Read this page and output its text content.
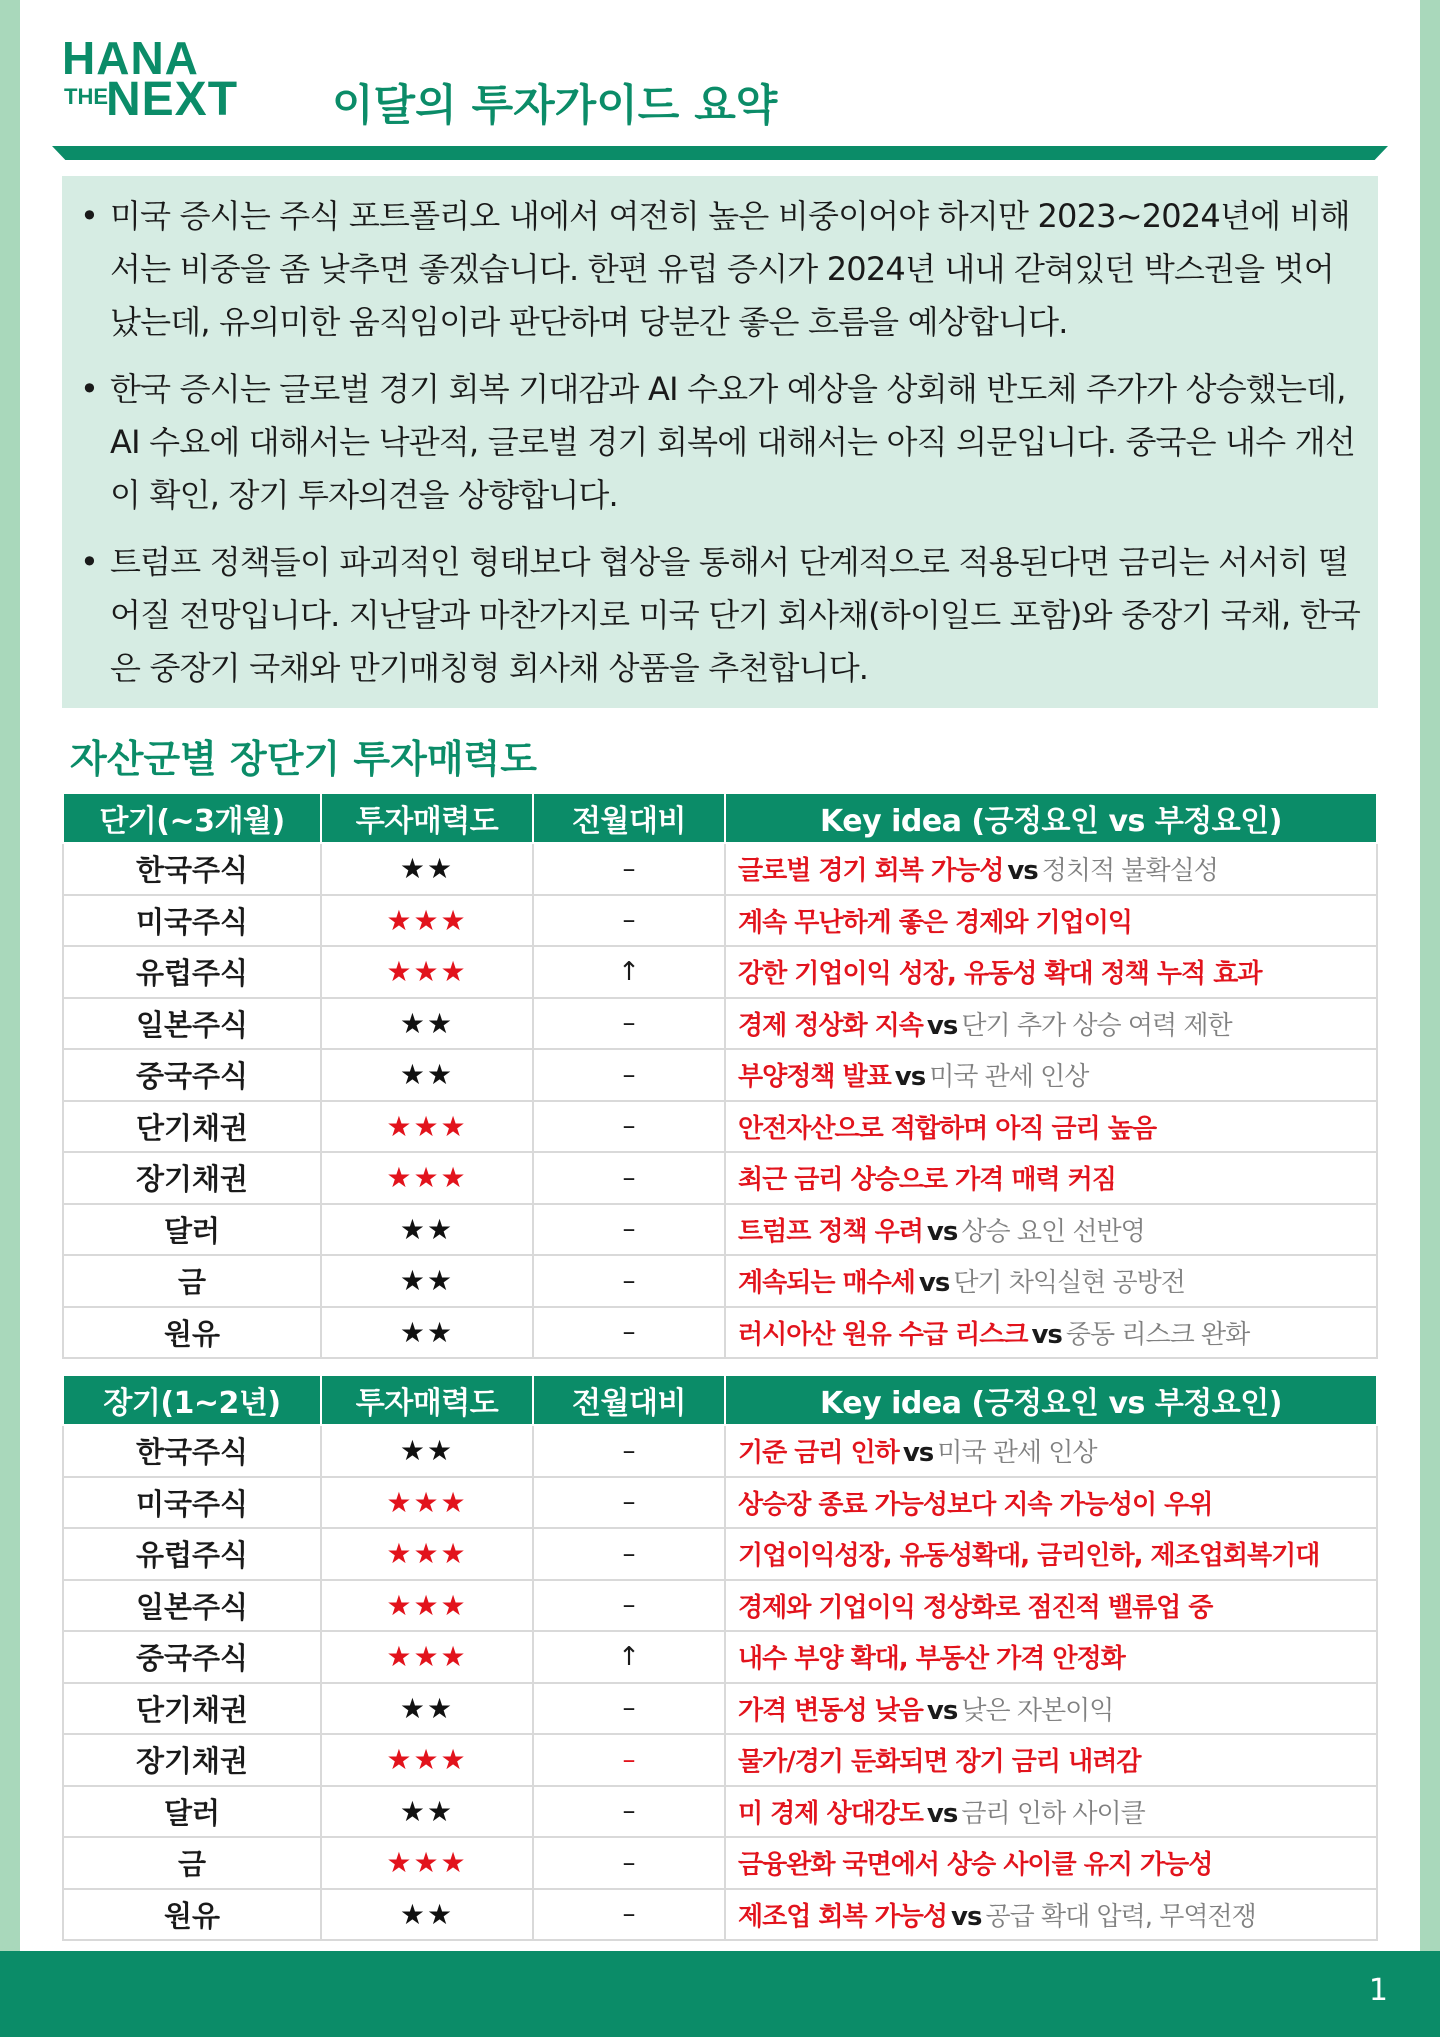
HANA
THE
NEXT 이달의 투자가이드 요약
• 미국 증시는 주식 포트폴리오 내에서 여전히 높은 비중이어야 하지만 2023~2024년에 비해서는 비중을 좀 낮추면 좋겠습니다. 한편 유럽 증시가 2024년 내내 갇혀있던 박스권을 벗어났는데, 유의미한 움직임이라 판단하며 당분간 좋은 흐름을 예상합니다.
• 한국 증시는 글로벌 경기 회복 기대감과 AI 수요가 예상을 상회해 반도체 주가가 상승했는데, AI 수요에 대해서는 낙관적, 글로벌 경기 회복에 대해서는 아직 의문입니다. 중국은 내수 개선이 확인, 장기 투자의견을 상향합니다.
• 트럼프 정책들이 파괴적인 형태보다 협상을 통해서 단계적으로 적용된다면 금리는 서서히 떨어질 전망입니다. 지난달과 마찬가지로 미국 단기 회사채(하이일드 포함)와 중장기 국채, 한국은 중장기 국채와 만기매칭형 회사채 상품을 추천합니다.
자산군별 장단기 투자매력도
단기(~3개월)	투자매력도	전월대비	Key idea (긍정요인 vs 부정요인)
한국주식	★★	–	글로벌 경기 회복 가능성 vs 정치적 불확실성
미국주식	★★★	–	계속 무난하게 좋은 경제와 기업이익
유럽주식	★★★	↑	강한 기업이익 성장, 유동성 확대 정책 누적 효과
일본주식	★★	–	경제 정상화 지속 vs 단기 추가 상승 여력 제한
중국주식	★★	–	부양정책 발표 vs 미국 관세 인상
단기채권	★★★	–	안전자산으로 적합하며 아직 금리 높음
장기채권	★★★	–	최근 금리 상승으로 가격 매력 커짐
달러	★★	–	트럼프 정책 우려 vs 상승 요인 선반영
금	★★	–	계속되는 매수세 vs 단기 차익실현 공방전
원유	★★	–	러시아산 원유 수급 리스크 vs 중동 리스크 완화
장기(1~2년)	투자매력도	전월대비	Key idea (긍정요인 vs 부정요인)
한국주식	★★	–	기준 금리 인하 vs 미국 관세 인상
미국주식	★★★	–	상승장 종료 가능성보다 지속 가능성이 우위
유럽주식	★★★	–	기업이익성장, 유동성확대, 금리인하, 제조업회복기대
일본주식	★★★	–	경제와 기업이익 정상화로 점진적 밸류업 중
중국주식	★★★	↑	내수 부양 확대, 부동산 가격 안정화
단기채권	★★	–	가격 변동성 낮음 vs 낮은 자본이익
장기채권	★★★	–	물가/경기 둔화되면 장기 금리 내려감
달러	★★	–	미 경제 상대강도 vs 금리 인하 사이클
금	★★★	–	금융완화 국면에서 상승 사이클 유지 가능성
원유	★★	–	제조업 회복 가능성 vs 공급 확대 압력, 무역전쟁
1
